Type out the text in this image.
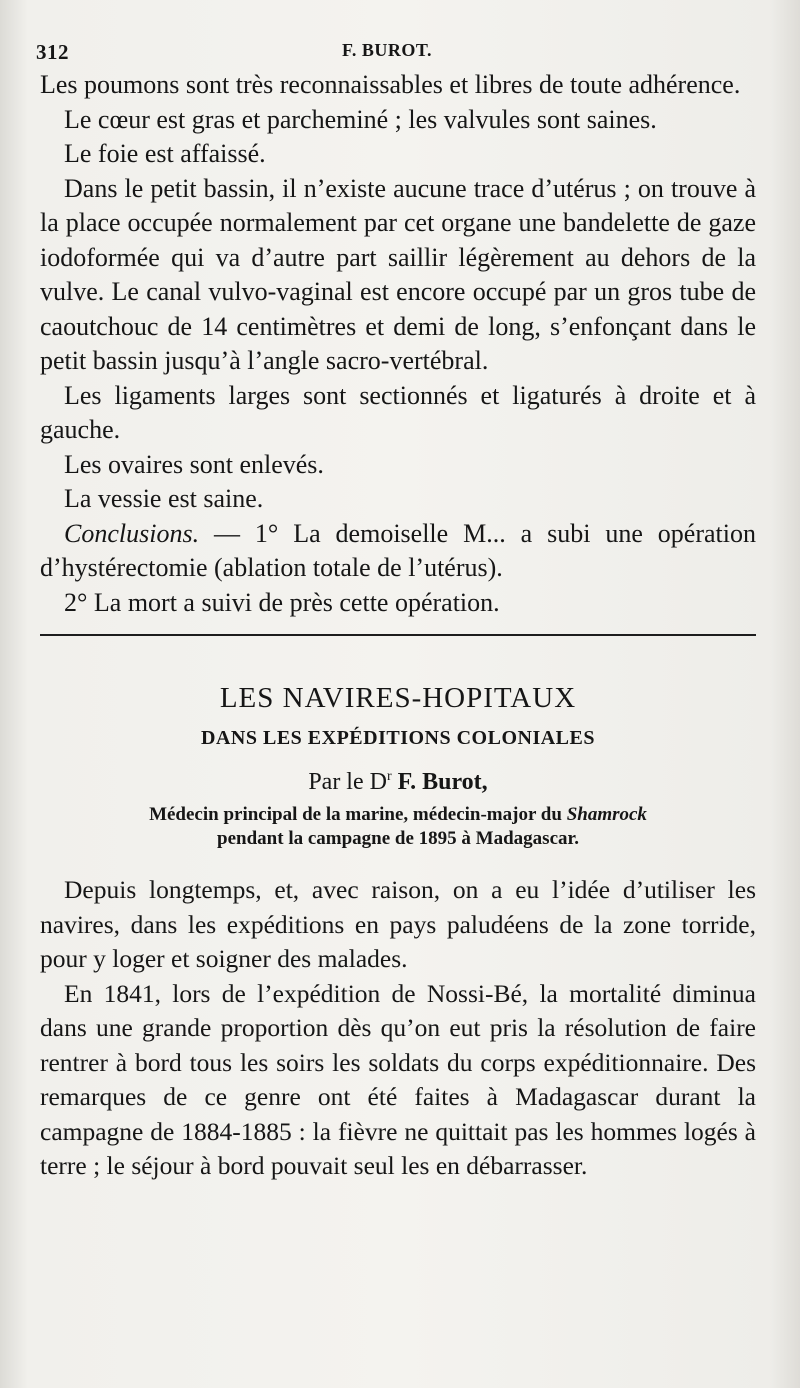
312	F. BUROT.

Les poumons sont très reconnaissables et libres de toute adhérence.

Le cœur est gras et parcheminé ; les valvules sont saines.

Le foie est affaissé.

Dans le petit bassin, il n’existe aucune trace d’utérus ; on trouve à la place occupée normalement par cet organe une bandelette de gaze iodoformée qui va d’autre part saillir légèrement au dehors de la vulve. Le canal vulvo-vaginal est encore occupé par un gros tube de caoutchouc de 14 centimètres et demi de long, s’enfonçant dans le petit bassin jusqu’à l’angle sacro-vertébral.

Les ligaments larges sont sectionnés et ligaturés à droite et à gauche.

Les ovaires sont enlevés.

La vessie est saine.

Conclusions. — 1° La demoiselle M... a subi une opération d’hystérectomie (ablation totale de l’utérus).

2° La mort a suivi de près cette opération.

LES NAVIRES-HOPITAUX
DANS LES EXPÉDITIONS COLONIALES
Par le $D^r$ F. Burot,
Médecin principal de la marine, médecin-major du Shamrock
pendant la campagne de 1895 à Madagascar.

Depuis longtemps, et, avec raison, on a eu l’idée d’utiliser les navires, dans les expéditions en pays paludéens de la zone torride, pour y loger et soigner des malades.

En 1841, lors de l’expédition de Nossi-Bé, la mortalité diminua dans une grande proportion dès qu’on eut pris la résolution de faire rentrer à bord tous les soirs les soldats du corps expéditionnaire. Des remarques de ce genre ont été faites à Madagascar durant la campagne de 1884-1885 : la fièvre ne quittait pas les hommes logés à terre ; le séjour à bord pouvait seul les en débarrasser.
